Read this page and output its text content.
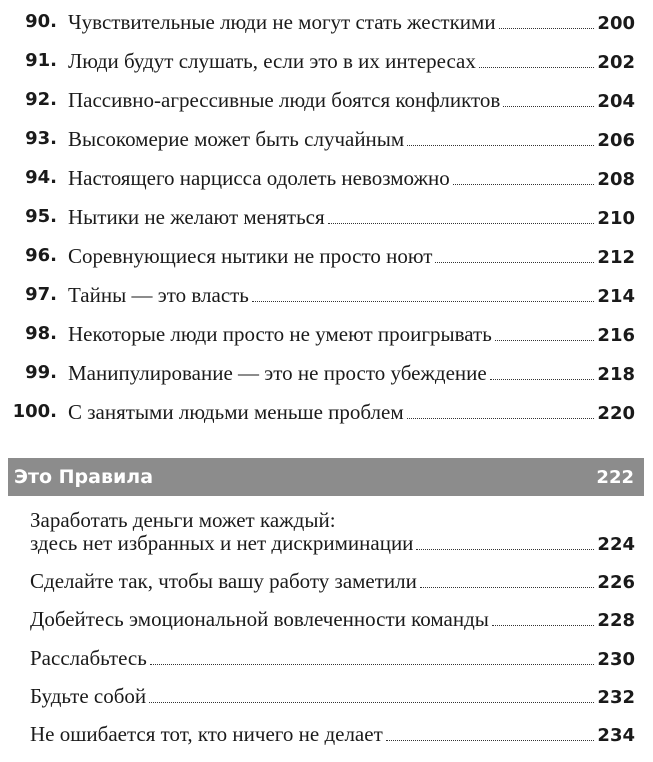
90. Чувствительные люди не могут стать жесткими	200
91. Люди будут слушать, если это в их интересах	202
92. Пассивно-агрессивные люди боятся конфликтов	204
93. Высокомерие может быть случайным	206
94. Настоящего нарцисса одолеть невозможно	208
95. Нытики не желают меняться	210
96. Соревнующиеся нытики не просто ноют	212
97. Тайны — это власть	214
98. Некоторые люди просто не умеют проигрывать	216
99. Манипулирование — это не просто убеждение	218
100. С занятыми людьми меньше проблем	220
Это Правила	222
Заработать деньги может каждый:
здесь нет избранных и нет дискриминации	224
Сделайте так, чтобы вашу работу заметили	226
Добейтесь эмоциональной вовлеченности команды	228
Расслабьтесь	230
Будьте собой	232
Не ошибается тот, кто ничего не делает	234
